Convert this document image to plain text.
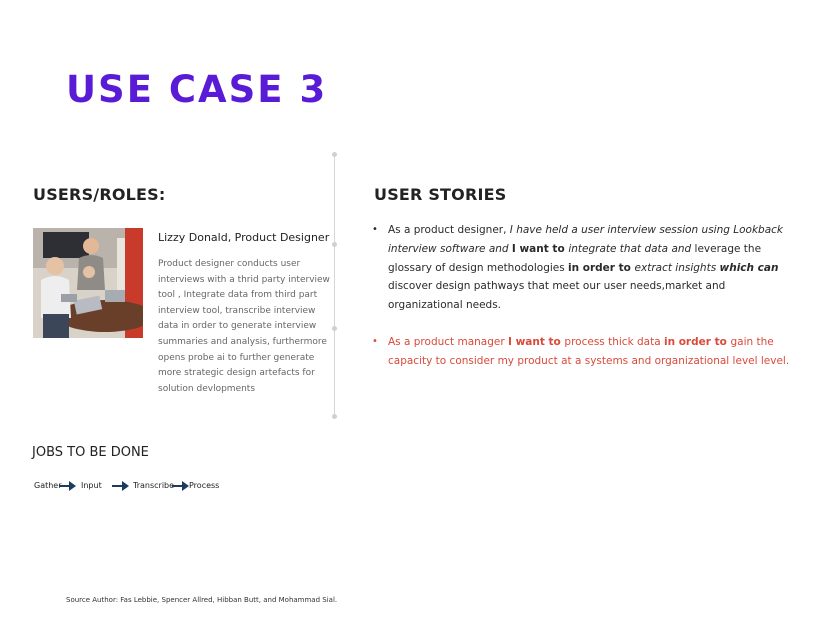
USE CASE 3
USERS/ROLES:
Lizzy Donald, Product Designer
Product designer conducts user interviews with a thrid party interview tool , Integrate data from third part interview tool, transcribe interview data in order to generate interview summaries and analysis, furthermore opens probe ai to further generate more strategic design artefacts for solution devlopments
USER STORIES
• As a product designer, I have held a user interview session using Lookback interview software and I want to integrate that data and leverage the glossary of design methodologies in order to extract insights which can discover design pathways that meet our user needs,market and organizational needs.
• As a product manager I want to process thick data in order to gain the capacity to consider my product at a systems and organizational level level.
JOBS TO BE DONE
Gather Input	Transcribe Process
Source Author: Fas Lebbie, Spencer Allred, Hibban Butt, and Mohammad Sial.
